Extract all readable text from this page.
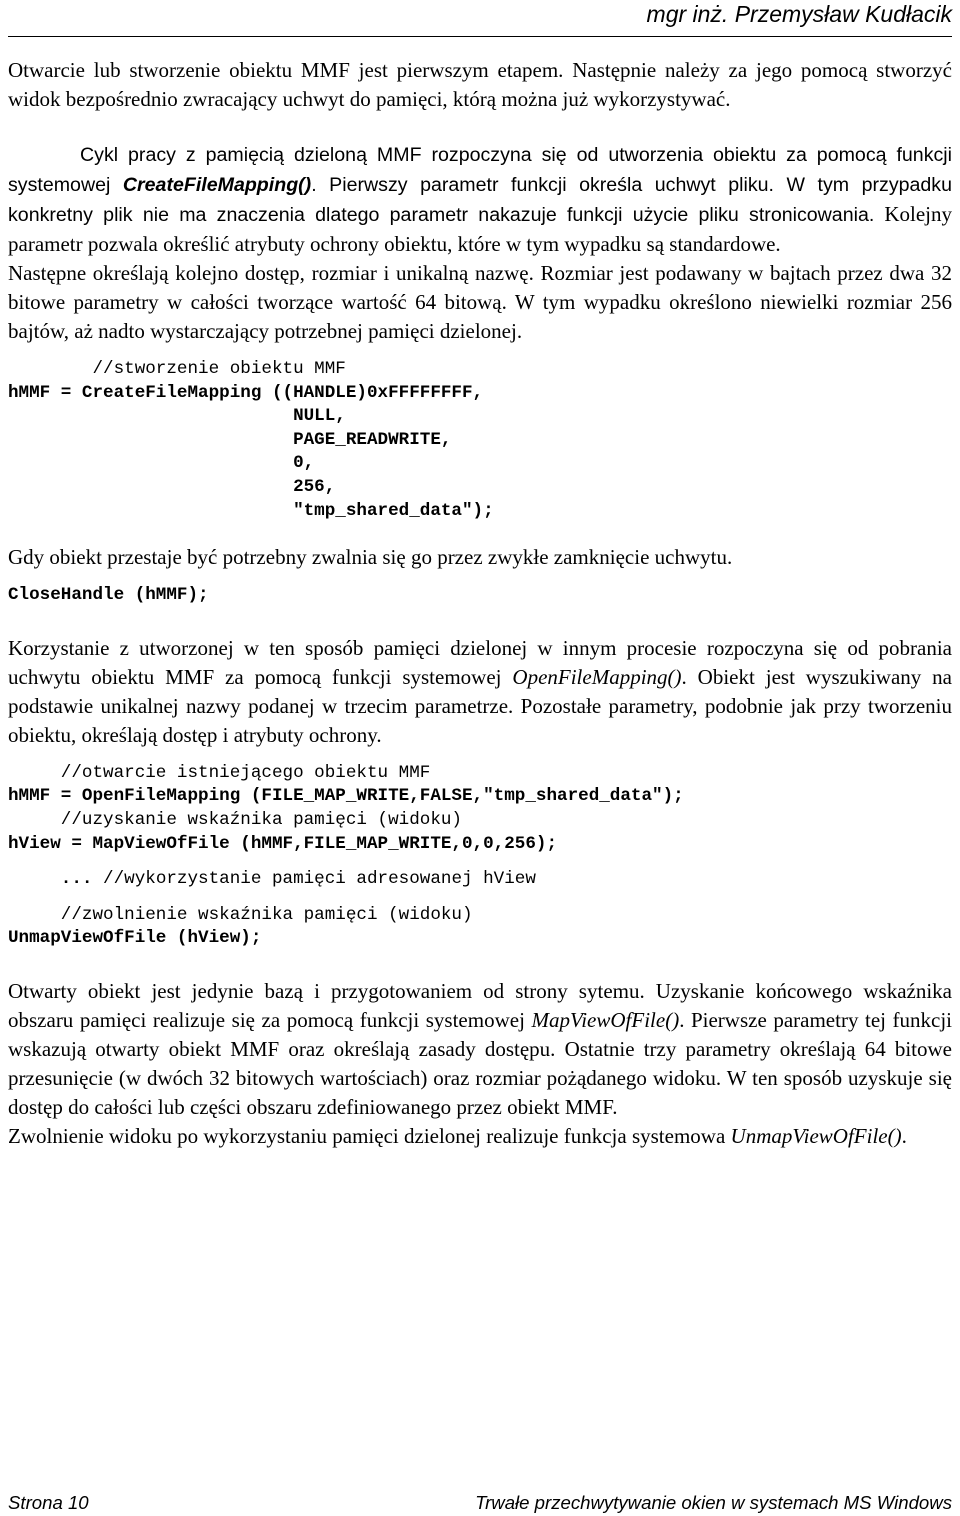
mgr inż. Przemysław Kudłacik

Otwarcie lub stworzenie obiektu MMF jest pierwszym etapem. Następnie należy za jego pomocą stworzyć widok bezpośrednio zwracający uchwyt do pamięci, którą można już wykorzystywać.

Cykl pracy z pamięcią dzieloną MMF rozpoczyna się od utworzenia obiektu za pomocą funkcji systemowej CreateFileMapping(). Pierwszy parametr funkcji określa uchwyt pliku. W tym przypadku konkretny plik nie ma znaczenia dlatego parametr nakazuje funkcji użycie pliku stronicowania. Kolejny parametr pozwala określić atrybuty ochrony obiektu, które w tym wypadku są standardowe.

Następne określają kolejno dostęp, rozmiar i unikalną nazwę. Rozmiar jest podawany w bajtach przez dwa 32 bitowe parametry w całości tworzące wartość 64 bitową. W tym wypadku określono niewielki rozmiar 256 bajtów, aż nadto wystarczający potrzebnej pamięci dzielonej.

//stworzenie obiektu MMF
hMMF = CreateFileMapping ((HANDLE)0xFFFFFFFF,
NULL,
PAGE_READWRITE,
0,
256,
"tmp_shared_data");

Gdy obiekt przestaje być potrzebny zwalnia się go przez zwykłe zamknięcie uchwytu.

CloseHandle (hMMF);

Korzystanie z utworzonej w ten sposób pamięci dzielonej w innym procesie rozpoczyna się od pobrania uchwytu obiektu MMF za pomocą funkcji systemowej OpenFileMapping(). Obiekt jest wyszukiwany na podstawie unikalnej nazwy podanej w trzecim parametrze. Pozostałe parametry, podobnie jak przy tworzeniu obiektu, określają dostęp i atrybuty ochrony.

//otwarcie istniejącego obiektu MMF
hMMF = OpenFileMapping (FILE_MAP_WRITE,FALSE,"tmp_shared_data");
//uzyskanie wskaźnika pamięci (widoku)
hView = MapViewOfFile (hMMF,FILE_MAP_WRITE,0,0,256);
... //wykorzystanie pamięci adresowanej hView
//zwolnienie wskaźnika pamięci (widoku)
UnmapViewOfFile (hView);

Otwarty obiekt jest jedynie bazą i przygotowaniem od strony sytemu. Uzyskanie końcowego wskaźnika obszaru pamięci realizuje się za pomocą funkcji systemowej MapViewOfFile(). Pierwsze parametry tej funkcji wskazują otwarty obiekt MMF oraz określają zasady dostępu. Ostatnie trzy parametry określają 64 bitowe przesunięcie (w dwóch 32 bitowych wartościach) oraz rozmiar pożądanego widoku. W ten sposób uzyskuje się dostęp do całości lub części obszaru zdefiniowanego przez obiekt MMF.

Zwolnienie widoku po wykorzystaniu pamięci dzielonej realizuje funkcja systemowa UnmapViewOfFile().

Strona 10	Trwałe przechwytywanie okien w systemach MS Windows
